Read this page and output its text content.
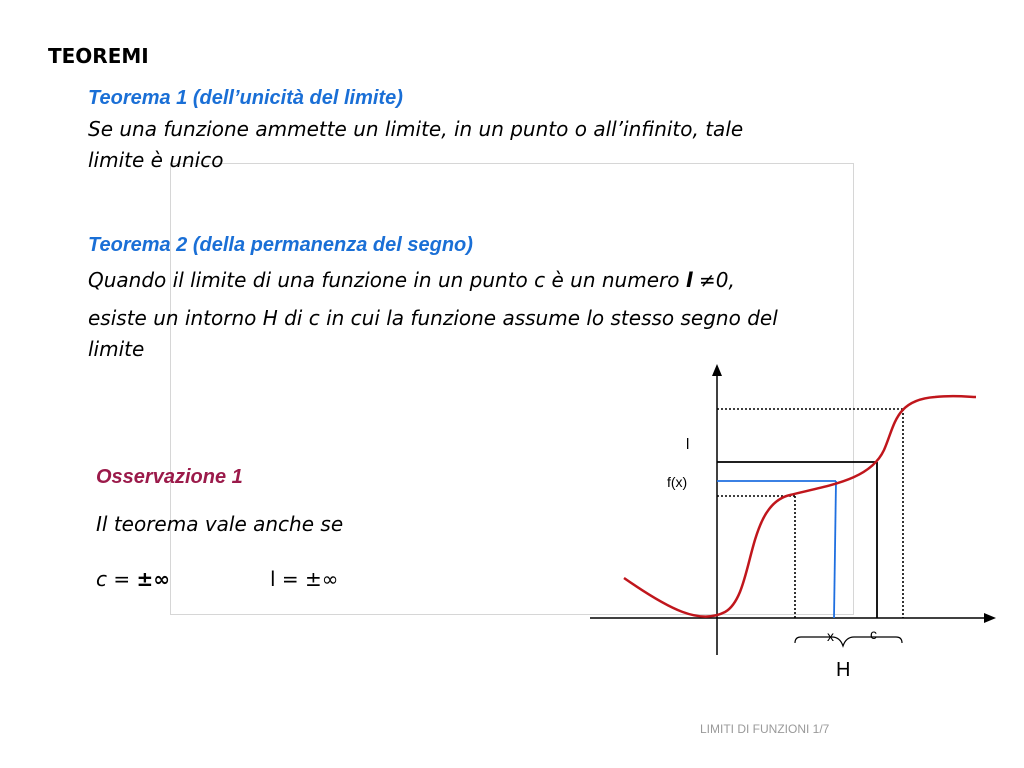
TEOREMI
Teorema 1 (dell’unicità del limite)
Se una funzione ammette un limite, in un punto o all’infinito, tale
limite è unico
Teorema 2 (della permanenza del segno)
Quando il limite di una funzione in un punto c è un numero l ≠0,
esiste un intorno H di c in cui la funzione assume lo stesso segno del
limite
Osservazione 1
Il teorema vale anche se
c = ±∞	l = ±∞
l
f(x)
x	c
H
LIMITI DI FUNZIONI 1/7
